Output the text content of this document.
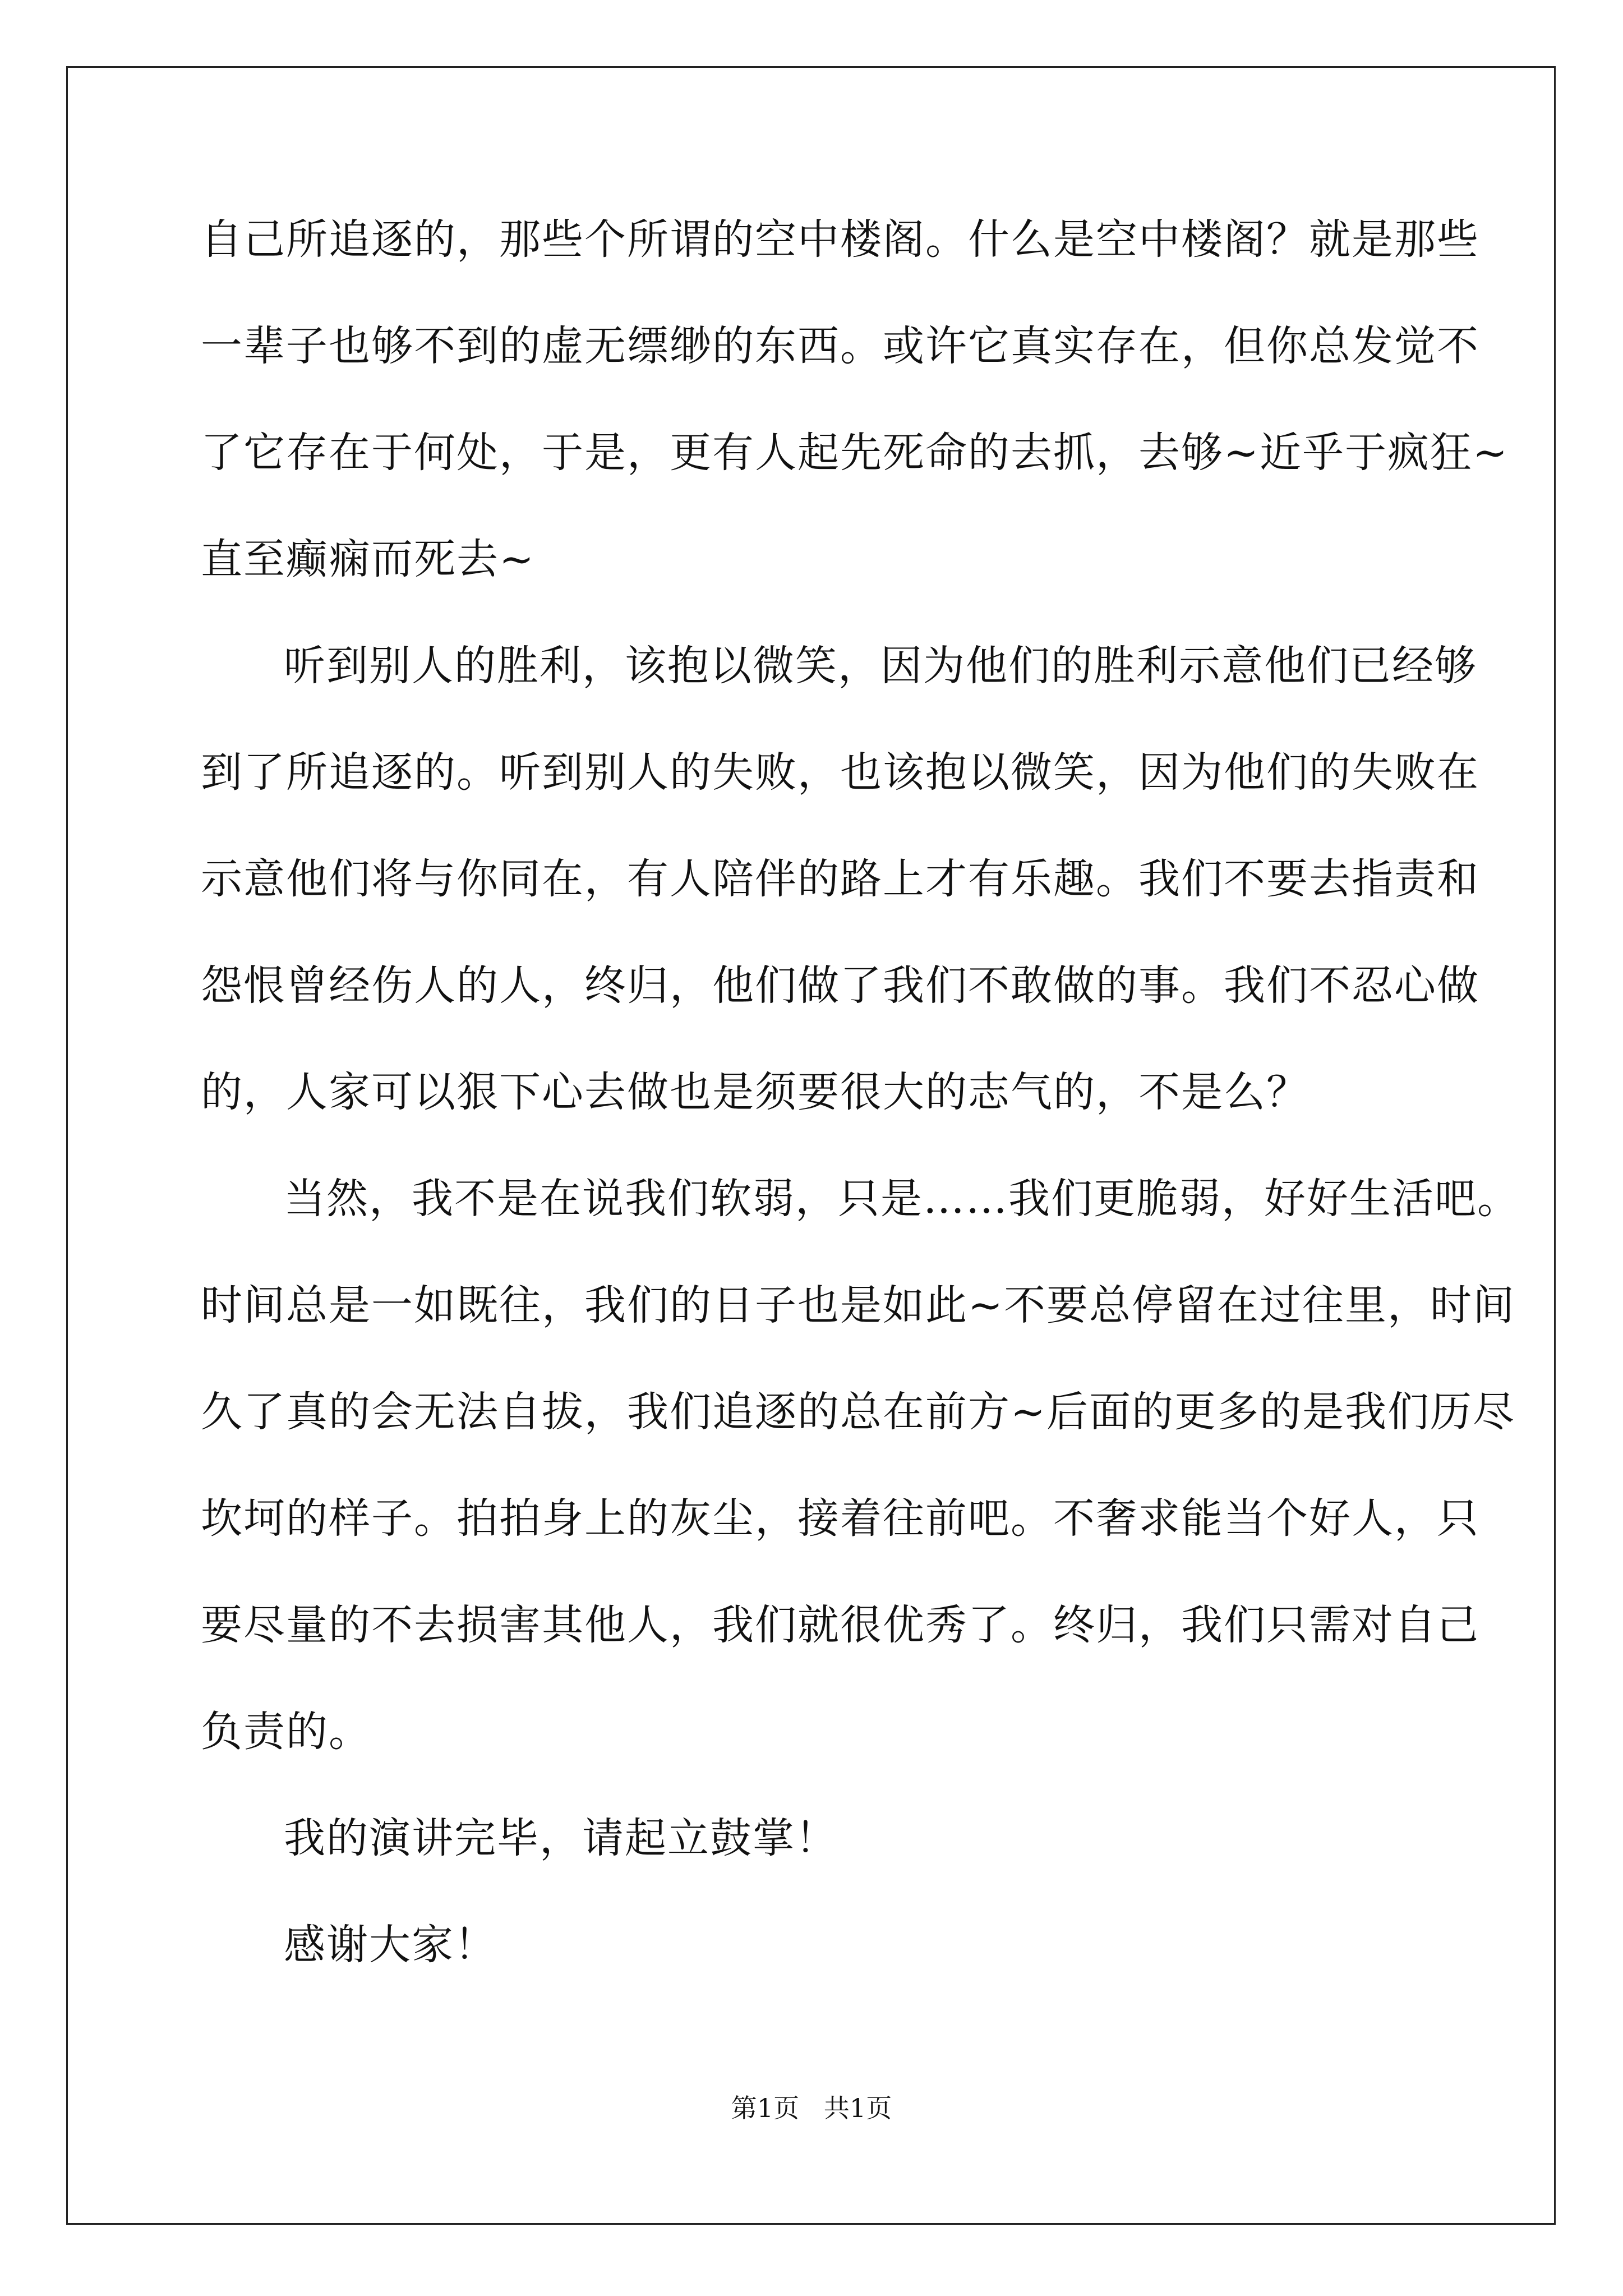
自己所追逐的，那些个所谓的空中楼阁。什么是空中楼阁？就是那些
一辈子也够不到的虚无缥缈的东西。或许它真实存在，但你总发觉不
了它存在于何处，于是，更有人起先死命的去抓，去够~近乎于疯狂~
直至癫痫而死去~
听到别人的胜利，该抱以微笑，因为他们的胜利示意他们已经够
到了所追逐的。听到别人的失败，也该抱以微笑，因为他们的失败在
示意他们将与你同在，有人陪伴的路上才有乐趣。我们不要去指责和
怨恨曾经伤人的人，终归，他们做了我们不敢做的事。我们不忍心做
的，人家可以狠下心去做也是须要很大的志气的，不是么？
当然，我不是在说我们软弱，只是……我们更脆弱，好好生活吧。
时间总是一如既往，我们的日子也是如此~不要总停留在过往里，时间
久了真的会无法自拔，我们追逐的总在前方~后面的更多的是我们历尽
坎坷的样子。拍拍身上的灰尘，接着往前吧。不奢求能当个好人，只
要尽量的不去损害其他人，我们就很优秀了。终归，我们只需对自己
负责的。
我的演讲完毕，请起立鼓掌！
感谢大家！
第1页   共1页
